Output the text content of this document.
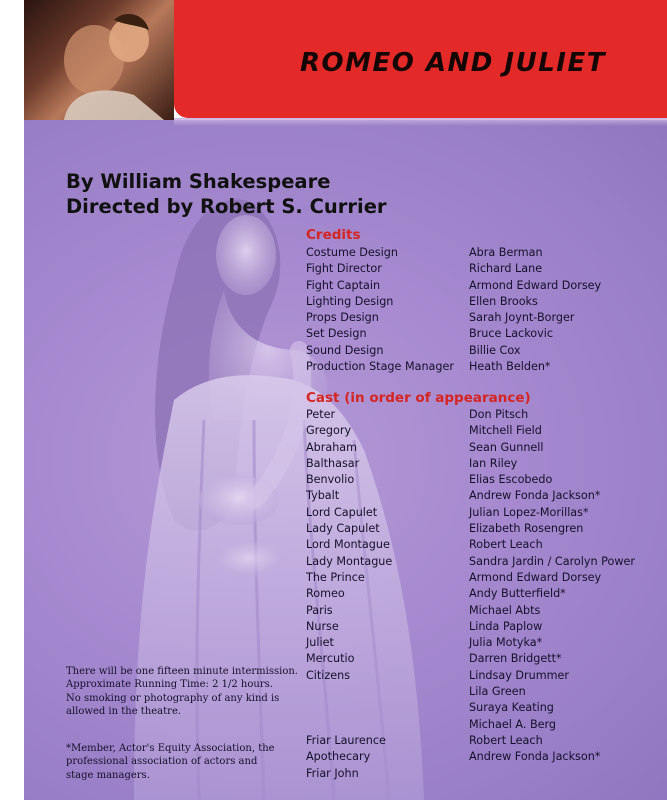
ROMEO AND JULIET
By William Shakespeare
Directed by Robert S. Currier
Credits
Costume Design
Fight Director
Fight Captain
Lighting Design
Props Design
Set Design
Sound Design
Production Stage Manager
Abra Berman
Richard Lane
Armond Edward Dorsey
Ellen Brooks
Sarah Joynt-Borger
Bruce Lackovic
Billie Cox
Heath Belden*
Cast (in order of appearance)
Peter
Gregory
Abraham
Balthasar
Benvolio
Tybalt
Lord Capulet
Lady Capulet
Lord Montague
Lady Montague
The Prince
Romeo
Paris
Nurse
Juliet
Mercutio
Citizens
Friar Laurence
Apothecary
Friar John
Don Pitsch
Mitchell Field
Sean Gunnell
Ian Riley
Elias Escobedo
Andrew Fonda Jackson*
Julian Lopez-Morillas*
Elizabeth Rosengren
Robert Leach
Sandra Jardin / Carolyn Power
Armond Edward Dorsey
Andy Butterfield*
Michael Abts
Linda Paplow
Julia Motyka*
Darren Bridgett*
Lindsay Drummer
Lila Green
Suraya Keating
Michael A. Berg
Robert Leach
Andrew Fonda Jackson*
There will be one fifteen minute intermission.
Approximate Running Time: 2 1/2 hours.
No smoking or photography of any kind is
allowed in the theatre.
*Member, Actor's Equity Association, the
professional association of actors and
stage managers.
